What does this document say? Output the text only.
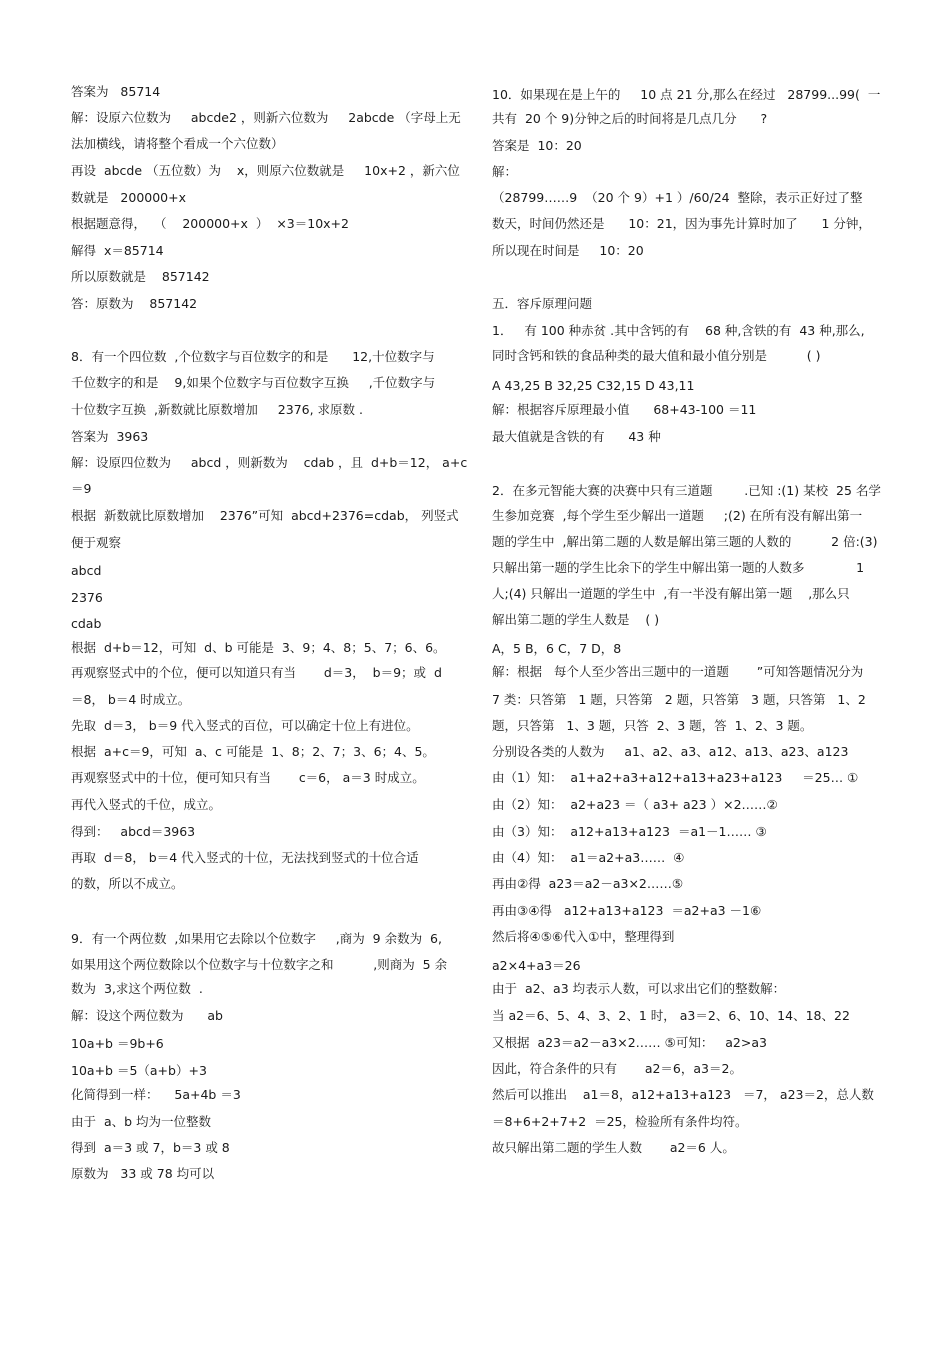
答案为   85714
解：设原六位数为     abcde2 ，则新六位数为     2abcde （字母上无
法加横线，请将整个看成一个六位数）
再设  abcde （五位数）为    x，则原六位数就是     10x+2 ，新六位
数就是   200000+x
根据题意得，  （    200000+x  ）  ×3＝10x+2
解得  x＝85714
所以原数就是    857142
答：原数为    857142
8．有一个四位数  ,个位数字与百位数字的和是      12,十位数字与
千位数字的和是    9,如果个位数字与百位数字互换     ,千位数字与
十位数字互换  ,新数就比原数增加     2376, 求原数 .
答案为  3963
解：设原四位数为     abcd ，则新数为    cdab ，且  d+b＝12， a+c
＝9
根据  新数就比原数增加    2376”可知  abcd+2376=cdab， 列竖式
便于观察
abcd
2376
cdab
根据  d+b＝12，可知  d、b 可能是  3、9；4、8；5、7；6、6。
再观察竖式中的个位，便可以知道只有当       d＝3，  b＝9；或  d
＝8， b＝4 时成立。
先取  d＝3， b＝9 代入竖式的百位，可以确定十位上有进位。
根据  a+c＝9，可知  a、c 可能是  1、8；2、7；3、6；4、5。
再观察竖式中的十位，便可知只有当       c＝6， a＝3 时成立。
再代入竖式的千位，成立。
得到：   abcd＝3963
再取  d＝8， b＝4 代入竖式的十位，无法找到竖式的十位合适
的数，所以不成立。
9．有一个两位数  ,如果用它去除以个位数字     ,商为  9 余数为  6,
如果用这个两位数除以个位数字与十位数字之和          ,则商为  5 余
数为  3,求这个两位数  .
解：设这个两位数为      ab
10a+b ＝9b+6
10a+b ＝5（a+b）+3
化简得到一样：    5a+4b ＝3
由于  a、b 均为一位整数
得到  a＝3 或 7，b＝3 或 8
原数为   33 或 78 均可以
10．如果现在是上午的     10 点 21 分,那么在经过   28799...99(  一
共有  20 个 9)分钟之后的时间将是几点几分      ?
答案是  10：20
解：
（28799……9  （20 个 9）+1 ）/60/24  整除，表示正好过了整
数天，时间仍然还是      10：21，因为事先计算时加了      1 分钟，
所以现在时间是     10：20
五．容斥原理问题
1．   有 100 种赤贫 .其中含钙的有    68 种,含铁的有  43 种,那么,
同时含钙和铁的食品种类的最大值和最小值分别是          ( )
A 43,25 B 32,25 C32,15 D 43,11
解：根据容斥原理最小值      68+43-100 ＝11
最大值就是含铁的有      43 种
2．在多元智能大赛的决赛中只有三道题        .已知 :(1) 某校  25 名学
生参加竞赛  ,每个学生至少解出一道题     ;(2) 在所有没有解出第一
题的学生中  ,解出第二题的人数是解出第三题的人数的          2 倍:(3)
只解出第一题的学生比余下的学生中解出第一题的人数多             1
人;(4) 只解出一道题的学生中  ,有一半没有解出第一题    ,那么只
解出第二题的学生人数是    ( )
A，5 B，6 C，7 D，8
解：根据   每个人至少答出三题中的一道题       ”可知答题情况分为
7 类：只答第   1 题，只答第   2 题，只答第   3 题，只答第   1、2
题，只答第   1、3 题，只答  2、3 题，答  1、2、3 题。
分别设各类的人数为     a1、a2、a3、a12、a13、a23、a123
由（1）知：  a1+a2+a3+a12+a13+a23+a123     ＝25… ①
由（2）知：  a2+a23 ＝（ a3+ a23 ）×2……②
由（3）知：  a12+a13+a123  ＝a1－1…… ③
由（4）知：  a1＝a2+a3……  ④
再由②得  a23＝a2－a3×2……⑤
再由③④得   a12+a13+a123  ＝a2+a3 －1⑥
然后将④⑤⑥代入①中，整理得到
a2×4+a3＝26
由于  a2、a3 均表示人数，可以求出它们的整数解：
当 a2＝6、5、4、3、2、1 时， a3＝2、6、10、14、18、22
又根据  a23＝a2－a3×2…… ⑤可知：   a2>a3
因此，符合条件的只有       a2＝6，a3＝2。
然后可以推出    a1＝8，a12+a13+a123   ＝7， a23＝2，总人数
＝8+6+2+7+2  ＝25，检验所有条件均符。
故只解出第二题的学生人数       a2＝6 人。
